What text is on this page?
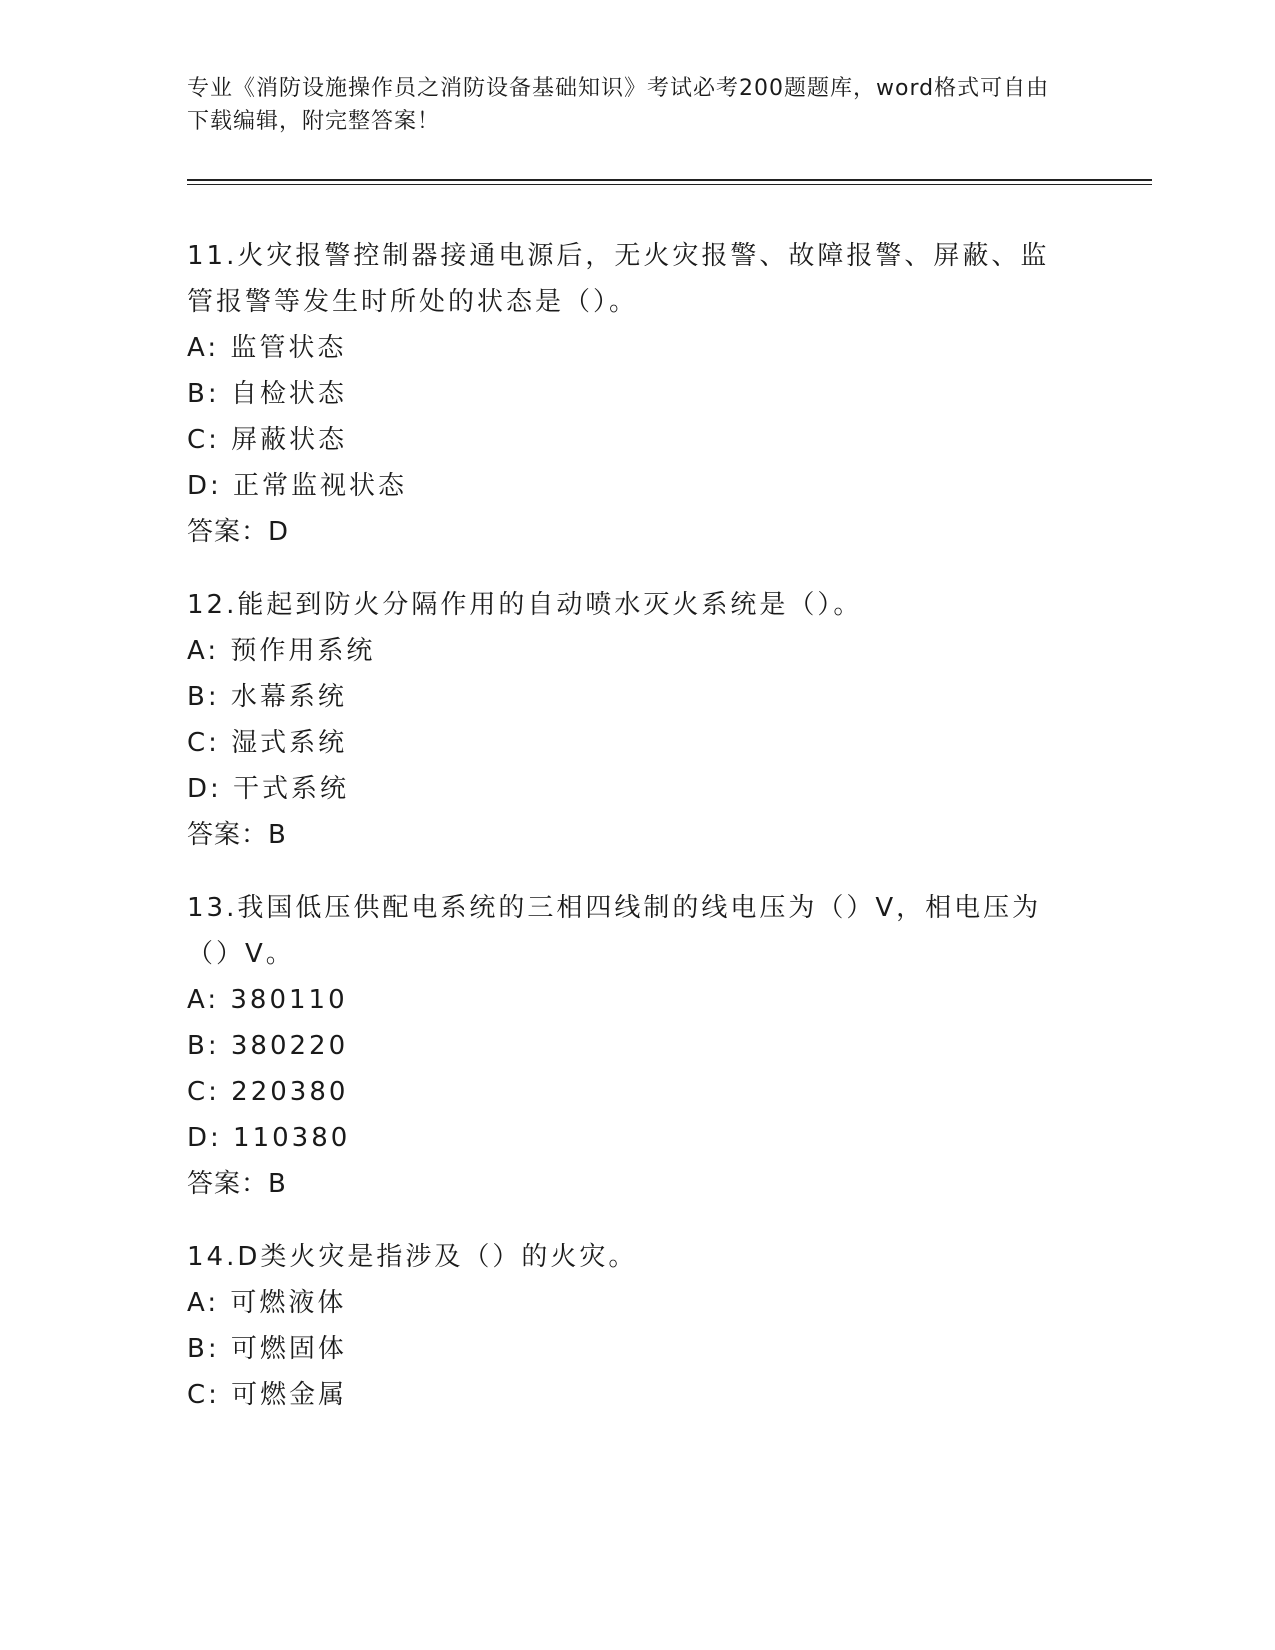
专业《消防设施操作员之消防设备基础知识》考试必考200题题库，word格式可自由下载编辑，附完整答案！
11.火灾报警控制器接通电源后，无火灾报警、故障报警、屏蔽、监管报警等发生时所处的状态是（）。
A: 监管状态
B: 自检状态
C: 屏蔽状态
D: 正常监视状态
答案：D
12.能起到防火分隔作用的自动喷水灭火系统是（）。
A: 预作用系统
B: 水幕系统
C: 湿式系统
D: 干式系统
答案：B
13.我国低压供配电系统的三相四线制的线电压为（）V，相电压为（）V。
A: 380110
B: 380220
C: 220380
D: 110380
答案：B
14.D类火灾是指涉及（）的火灾。
A: 可燃液体
B: 可燃固体
C: 可燃金属
